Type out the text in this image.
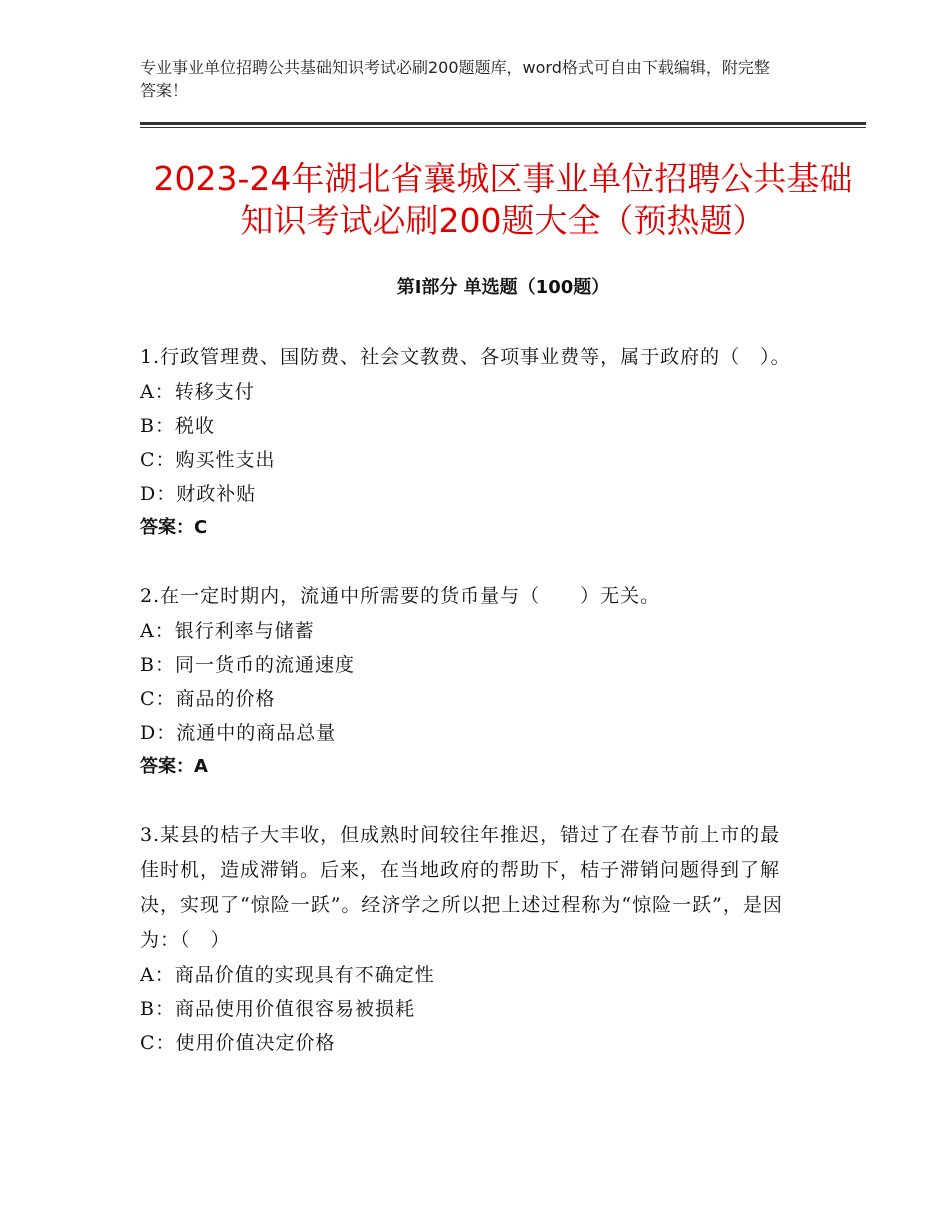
专业事业单位招聘公共基础知识考试必刷200题题库，word格式可自由下载编辑，附完整答案！
2023-24年湖北省襄城区事业单位招聘公共基础知识考试必刷200题大全（预热题）
第Ⅰ部分 单选题（100题）
1.行政管理费、国防费、社会文教费、各项事业费等，属于政府的（　）。
A：转移支付
B：税收
C：购买性支出
D：财政补贴
答案：C
2.在一定时期内，流通中所需要的货币量与（　　）无关。
A：银行利率与储蓄
B：同一货币的流通速度
C：商品的价格
D：流通中的商品总量
答案：A
3.某县的桔子大丰收，但成熟时间较往年推迟，错过了在春节前上市的最佳时机，造成滞销。后来，在当地政府的帮助下，桔子滞销问题得到了解决，实现了“惊险一跃”。经济学之所以把上述过程称为“惊险一跃”，是因为：（　）
A：商品价值的实现具有不确定性
B：商品使用价值很容易被损耗
C：使用价值决定价格
